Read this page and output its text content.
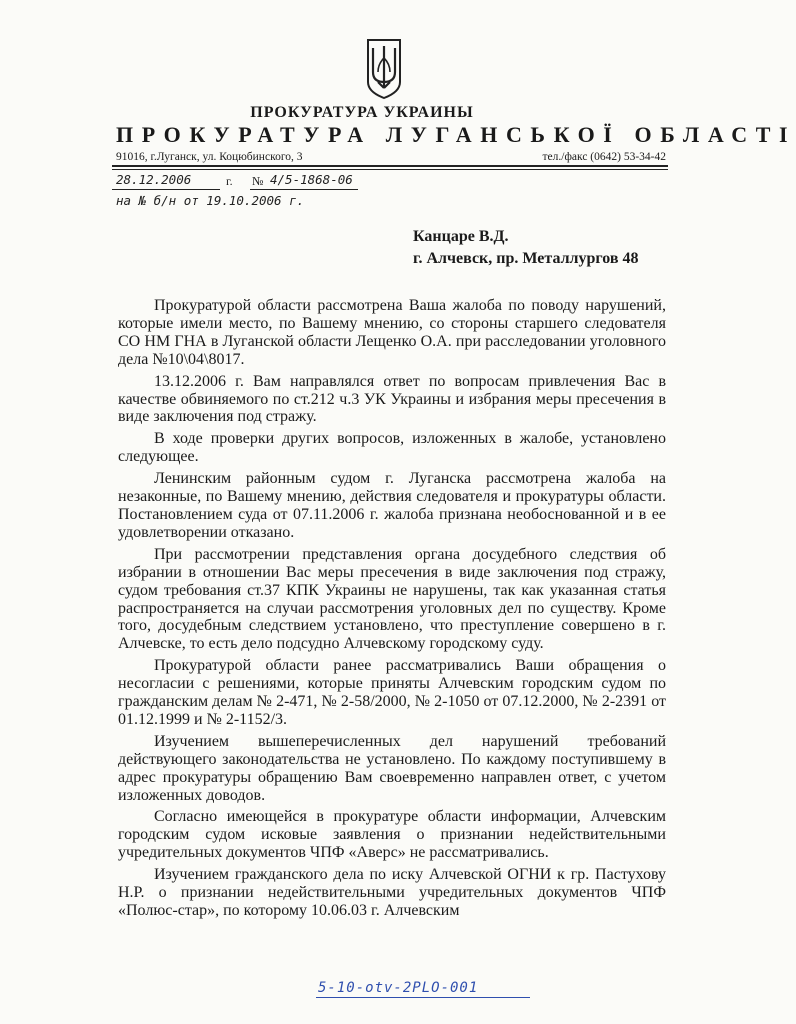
ПРОКУРАТУРА УКРАИНЫ
ПРОКУРАТУРА ЛУГАНСЬКОЇ ОБЛАСТІ
91016, г.Луганск, ул. Коцюбинского, 3	тел./факс (0642) 53-34-42
28.12.2006	г. № 4/5-1868-06
на № б/н от 19.10.2006 г.
Канцаре В.Д.
г. Алчевск, пр. Металлургов 48

Прокуратурой области рассмотрена Ваша жалоба по поводу нарушений, которые имели место, по Вашему мнению, со стороны старшего следователя СО НМ ГНА в Луганской области Лещенко О.А. при расследовании уголовного дела №10\04\8017.

13.12.2006 г. Вам направлялся ответ по вопросам привлечения Вас в качестве обвиняемого по ст.212 ч.3 УК Украины и избрания меры пресечения в виде заключения под стражу.

В ходе проверки других вопросов, изложенных в жалобе, установлено следующее.

Ленинским районным судом г. Луганска рассмотрена жалоба на незаконные, по Вашему мнению, действия следователя и прокуратуры области. Постановлением суда от 07.11.2006 г. жалоба признана необоснованной и в ее удовлетворении отказано.

При рассмотрении представления органа досудебного следствия об избрании в отношении Вас меры пресечения в виде заключения под стражу, судом требования ст.37 КПК Украины не нарушены, так как указанная статья распространяется на случаи рассмотрения уголовных дел по существу. Кроме того, досудебным следствием установлено, что преступление совершено в г. Алчевске, то есть дело подсудно Алчевскому городскому суду.

Прокуратурой области ранее рассматривались Ваши обращения о несогласии с решениями, которые приняты Алчевским городским судом по гражданским делам № 2-471, № 2-58/2000, № 2-1050 от 07.12.2000, № 2-2391 от 01.12.1999 и № 2-1152/3.

Изучением вышеперечисленных дел нарушений требований действующего законодательства не установлено. По каждому поступившему в адрес прокуратуры обращению Вам своевременно направлен ответ, с учетом изложенных доводов.

Согласно имеющейся в прокуратуре области информации, Алчевским городским судом исковые заявления о признании недействительными учредительных документов ЧПФ «Аверс» не рассматривались.

Изучением гражданского дела по иску Алчевской ОГНИ к гр. Пастухову Н.Р. о признании недействительными учредительных документов ЧПФ «Полюс-стар», по которому 10.06.03 г. Алчевским

5-10-otv-2PLO-001
